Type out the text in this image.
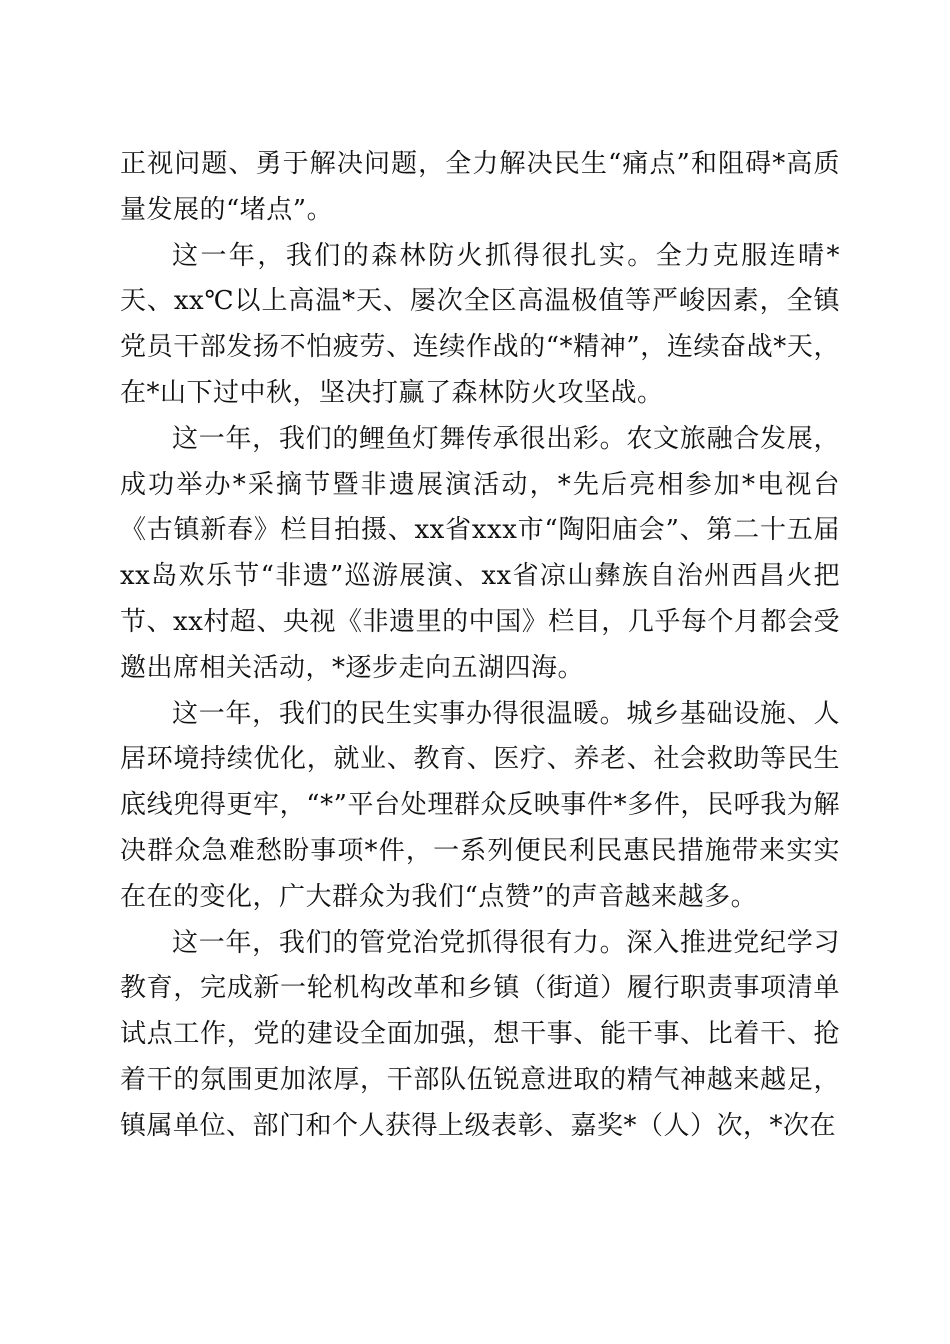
正视问题、勇于解决问题，全力解决民生“痛点”和阻碍*高质量发展的“堵点”。

这一年，我们的森林防火抓得很扎实。全力克服连晴*天、xx℃以上高温*天、屡次全区高温极值等严峻因素，全镇党员干部发扬不怕疲劳、连续作战的“*精神”，连续奋战*天，在*山下过中秋，坚决打赢了森林防火攻坚战。

这一年，我们的鲤鱼灯舞传承很出彩。农文旅融合发展，成功举办*采摘节暨非遗展演活动，*先后亮相参加*电视台《古镇新春》栏目拍摄、xx省xxx市“陶阳庙会”、第二十五届xx岛欢乐节“非遗”巡游展演、xx省凉山彝族自治州西昌火把节、xx村超、央视《非遗里的中国》栏目，几乎每个月都会受邀出席相关活动，*逐步走向五湖四海。

这一年，我们的民生实事办得很温暖。城乡基础设施、人居环境持续优化，就业、教育、医疗、养老、社会救助等民生底线兜得更牢，“*”平台处理群众反映事件*多件，民呼我为解决群众急难愁盼事项*件，一系列便民利民惠民措施带来实实在在的变化，广大群众为我们“点赞”的声音越来越多。

这一年，我们的管党治党抓得很有力。深入推进党纪学习教育，完成新一轮机构改革和乡镇（街道）履行职责事项清单试点工作，党的建设全面加强，想干事、能干事、比着干、抢着干的氛围更加浓厚，干部队伍锐意进取的精气神越来越足，镇属单位、部门和个人获得上级表彰、嘉奖*（人）次，*次在
